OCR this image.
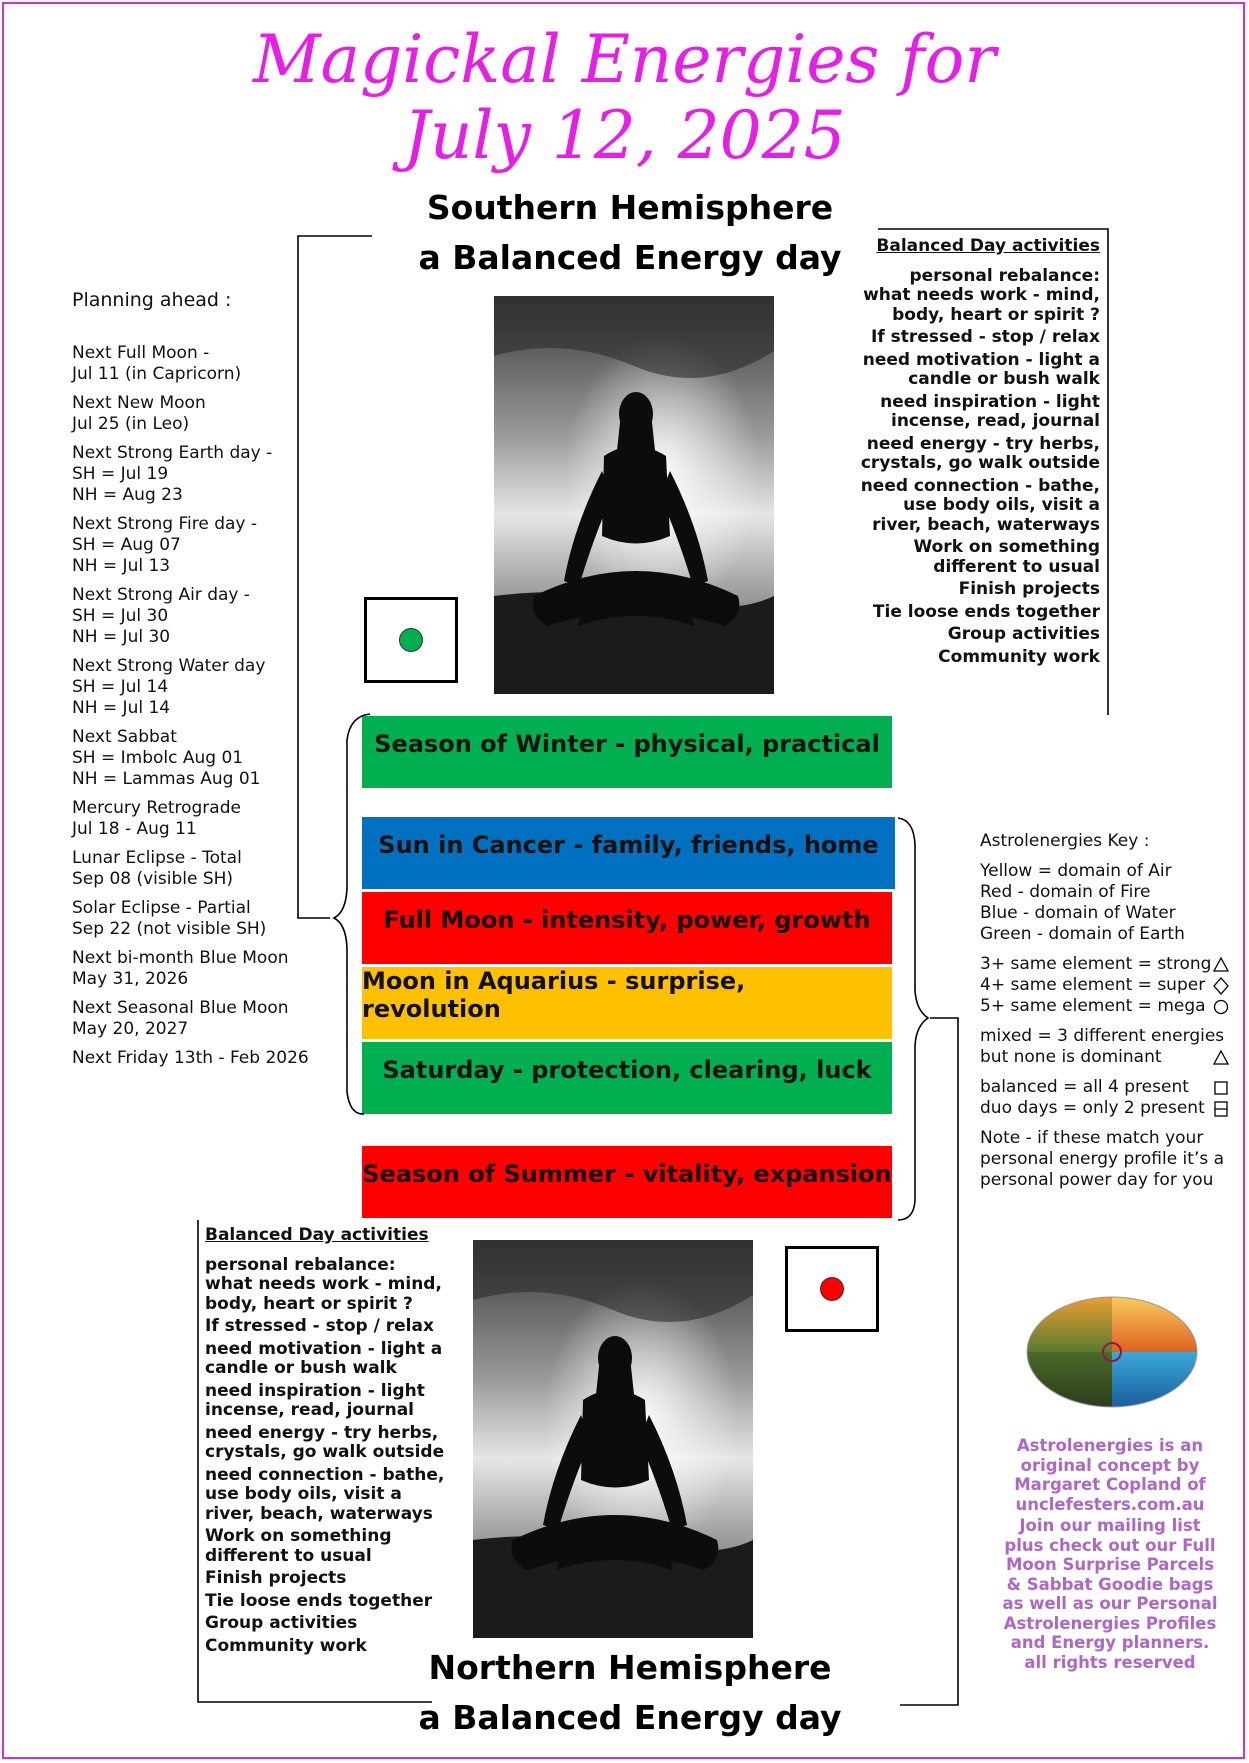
Magickal Energies for
July 12, 2025
Southern Hemisphere
a Balanced Energy day
Planning ahead :
Next Full Moon -
Jul 11 (in Capricorn)
Next New Moon
Jul 25 (in Leo)
Next Strong Earth day -
SH = Jul 19
NH = Aug 23
Next Strong Fire day -
SH = Aug 07
NH = Jul 13
Next Strong Air day -
SH = Jul 30
NH = Jul 30
Next Strong Water day
SH = Jul 14
NH = Jul 14
Next Sabbat
SH = Imbolc Aug 01
NH = Lammas Aug 01
Mercury Retrograde
Jul 18 - Aug 11
Lunar Eclipse - Total
Sep 08 (visible SH)
Solar Eclipse - Partial
Sep 22 (not visible SH)
Next bi-month Blue Moon
May 31, 2026
Next Seasonal Blue Moon
May 20, 2027
Next Friday 13th - Feb 2026
Balanced Day activities
personal rebalance:
what needs work - mind,
body, heart or spirit ?
If stressed - stop / relax
need motivation - light a
candle or bush walk
need inspiration - light
incense, read, journal
need energy - try herbs,
crystals, go walk outside
need connection - bathe,
use body oils, visit a
river, beach, waterways
Work on something
different to usual
Finish projects
Tie loose ends together
Group activities
Community work
Balanced Day activities
personal rebalance:
what needs work - mind,
body, heart or spirit ?
If stressed - stop / relax
need motivation - light a
candle or bush walk
need inspiration - light
incense, read, journal
need energy - try herbs,
crystals, go walk outside
need connection - bathe,
use body oils, visit a
river, beach, waterways
Work on something
different to usual
Finish projects
Tie loose ends together
Group activities
Community work
Season of Winter - physical, practical
Sun in Cancer - family, friends, home
Full Moon - intensity, power, growth
Moon in Aquarius - surprise, revolution
Saturday - protection, clearing, luck
Season of Summer - vitality, expansion
Astrolenergies Key :
Yellow = domain of Air
Red - domain of Fire
Blue - domain of Water
Green - domain of Earth
3+ same element = strong
4+ same element = super
5+ same element = mega
mixed = 3 different energies
but none is dominant
balanced = all 4 present
duo days = only 2 present
Note - if these match your personal energy profile it’s a personal power day for you
Astrolenergies is an original concept by Margaret Copland of unclefesters.com.au
Join our mailing list plus check out our Full Moon Surprise Parcels & Sabbat Goodie bags as well as our Personal Astrolenergies Profiles and Energy planners.
all rights reserved
Northern Hemisphere
a Balanced Energy day
